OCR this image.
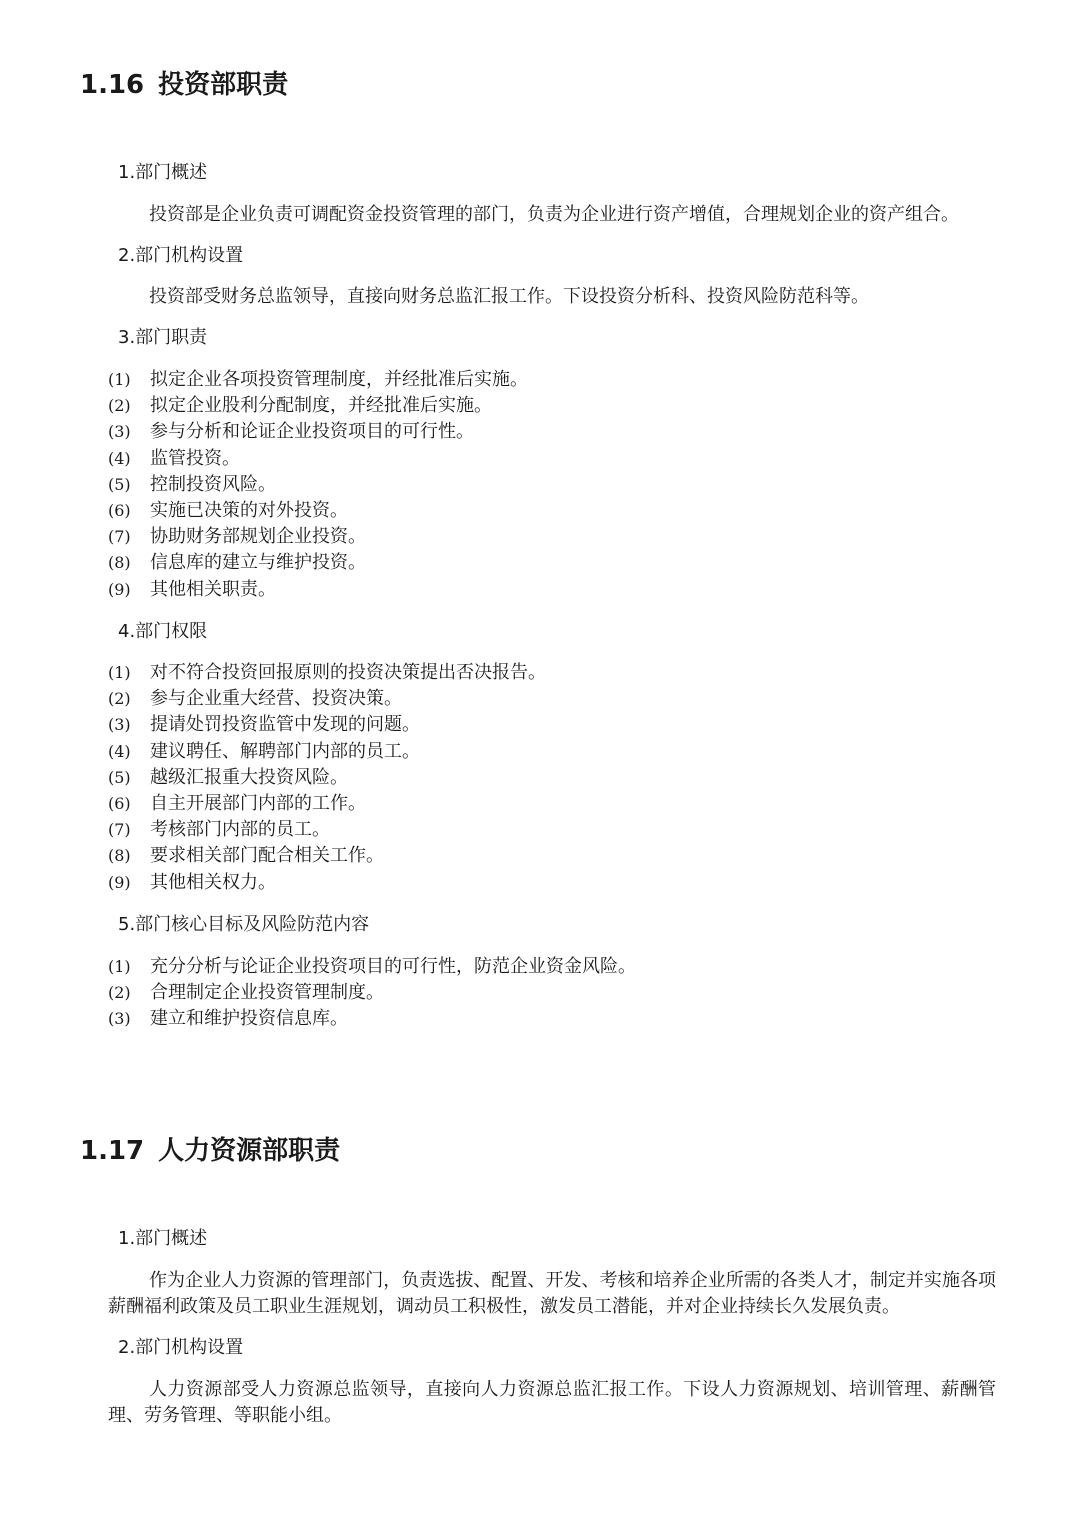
1.16 投资部职责
1.部门概述

投资部是企业负责可调配资金投资管理的部门，负责为企业进行资产增值，合理规划企业的资产组合。

2.部门机构设置

投资部受财务总监领导，直接向财务总监汇报工作。下设投资分析科、投资风险防范科等。

3.部门职责
(1) 拟定企业各项投资管理制度，并经批准后实施。
(2) 拟定企业股利分配制度，并经批准后实施。
(3) 参与分析和论证企业投资项目的可行性。
(4) 监管投资。
(5) 控制投资风险。
(6) 实施已决策的对外投资。
(7) 协助财务部规划企业投资。
(8) 信息库的建立与维护投资。
(9) 其他相关职责。
4.部门权限
(1) 对不符合投资回报原则的投资决策提出否决报告。
(2) 参与企业重大经营、投资决策。
(3) 提请处罚投资监管中发现的问题。
(4) 建议聘任、解聘部门内部的员工。
(5) 越级汇报重大投资风险。
(6) 自主开展部门内部的工作。
(7) 考核部门内部的员工。
(8) 要求相关部门配合相关工作。
(9) 其他相关权力。
5.部门核心目标及风险防范内容
(1) 充分分析与论证企业投资项目的可行性，防范企业资金风险。
(2) 合理制定企业投资管理制度。
(3) 建立和维护投资信息库。
1.17 人力资源部职责
1.部门概述

作为企业人力资源的管理部门，负责选拔、配置、开发、考核和培养企业所需的各类人才，制定并实施各项薪酬福利政策及员工职业生涯规划，调动员工积极性，激发员工潜能，并对企业持续长久发展负责。

2.部门机构设置

人力资源部受人力资源总监领导，直接向人力资源总监汇报工作。下设人力资源规划、培训管理、薪酬管理、劳务管理、等职能小组。
